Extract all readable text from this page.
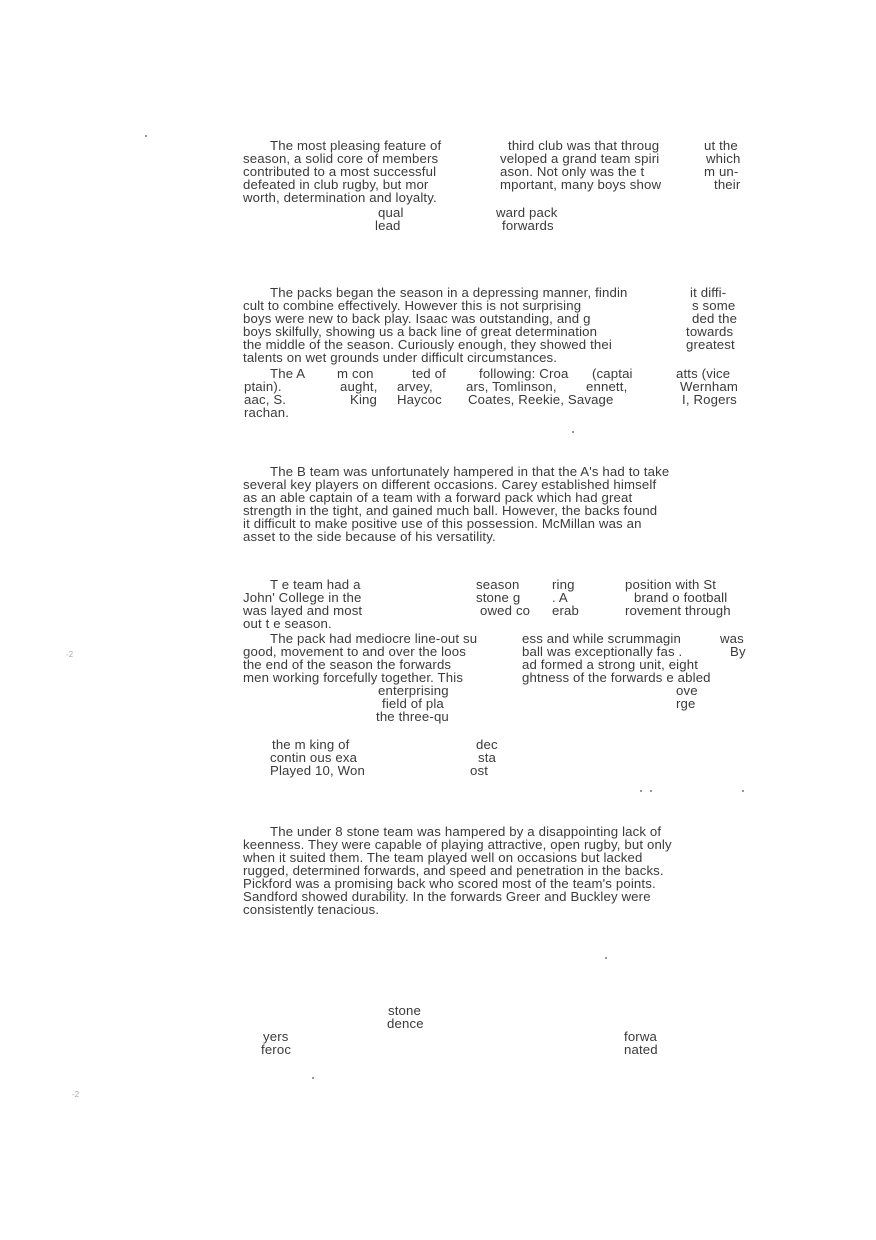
The most pleasing feature of
season, a solid core of members
contributed to a most successful
defeated in club rugby, but mor
worth, determination and loyalty.
third club was that throug	ut the
veloped a grand team spiri	which
ason. Not only was the t	m un-
mportant, many boys show	their
qual
lead
ward pack
forwards
The packs began the season in a depressing manner, findin	it diffi-
cult to combine effectively. However this is not surprising	s some
boys were new to back play. Isaac was outstanding, and g	ded the
boys skilfully, showing us a back line of great determination	towards
the middle of the season. Curiously enough, they showed thei	greatest
talents on wet grounds under difficult circumstances.
The A m con	ted of	following: Croa (captai	atts (vice
ptain).	aught, arvey,	ars, Tomlinson, ennett,	Wernham
aac, S.	King Haycoc Coates, Reekie, Savage	I, Rogers
rachan.
The B team was unfortunately hampered in that the A's had to take
several key players on different occasions. Carey established himself
as an able captain of a team with a forward pack which had great
strength in the tight, and gained much ball. However, the backs found
it difficult to make positive use of this possession. McMillan was an
asset to the side because of his versatility.
T e team had a	season ring	position with St
John' College in the	stone g . A	brand o football
was layed and most	owed co erab	rovement through
out t e season.
The pack had mediocre line-out su	ess and while scrummagin	was
good, movement to and over the loos	ball was exceptionally fas .	By
the end of the season the forwards	ad formed a strong unit, eight
men working forcefully together. This	ghtness of the forwards e abled
enterprising	ove
field of pla	rge
the three-qu
the m king of	dec
contin ous exa	sta
Played 10, Won	ost
The under 8 stone team was hampered by a disappointing lack of
keenness. They were capable of playing attractive, open rugby, but only
when it suited them. The team played well on occasions but lacked
rugged, determined forwards, and speed and penetration in the backs.
Pickford was a promising back who scored most of the team's points.
Sandford showed durability. In the forwards Greer and Buckley were
consistently tenacious.
stone
dence
yers
feroc
forwa
nated
-2
-2
